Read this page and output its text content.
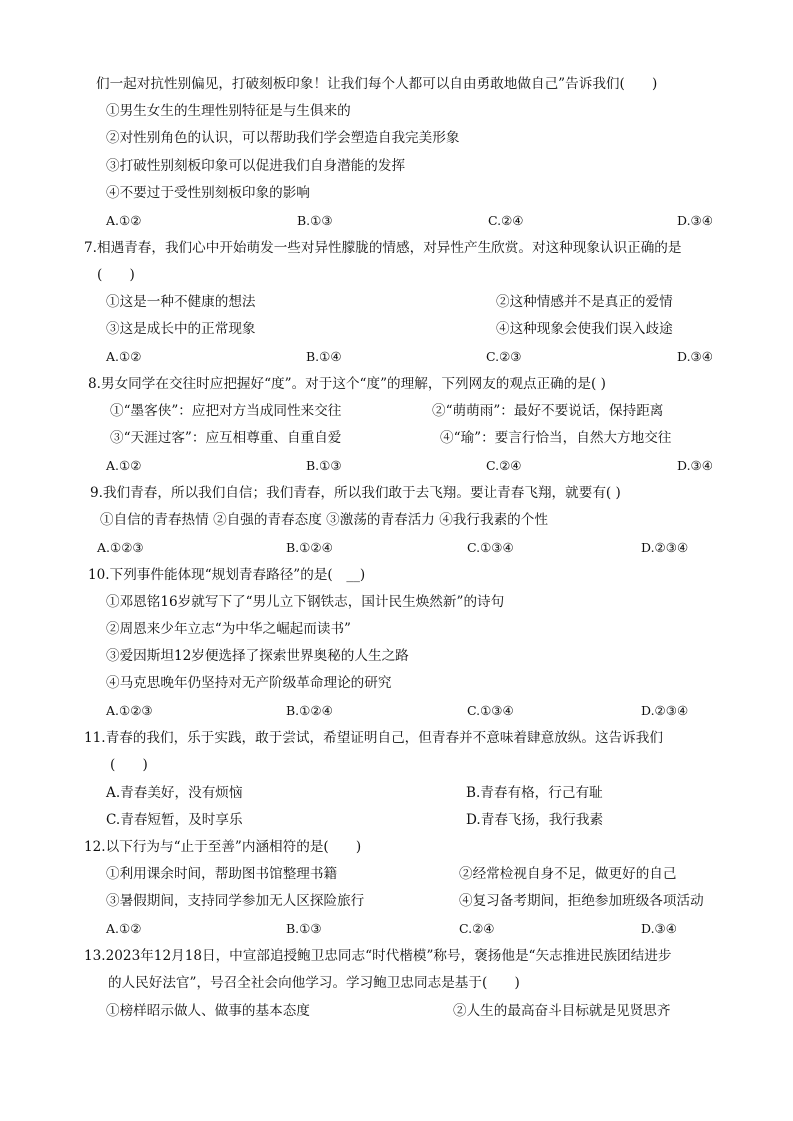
们一起对抗性别偏见，打破刻板印象！让我们每个人都可以自由勇敢地做自己”告诉我们(　　)
①男生女生的生理性别特征是与生俱来的
②对性别角色的认识，可以帮助我们学会塑造自我完美形象
③打破性别刻板印象可以促进我们自身潜能的发挥
④不要过于受性别刻板印象的影响
A.①②	B.①③	C.②④	D.③④
7.相遇青春，我们心中开始萌发一些对异性朦胧的情感，对异性产生欣赏。对这种现象认识正确的是
(　　)
①这是一种不健康的想法	②这种情感并不是真正的爱情
③这是成长中的正常现象	④这种现象会使我们误入歧途
A.①②	B.①④	C.②③	D.③④
8.男女同学在交往时应把握好“度”。对于这个“度”的理解，下列网友的观点正确的是( )
①“墨客侠”：应把对方当成同性来交往	②“萌萌雨”：最好不要说话，保持距离
③“天涯过客”：应互相尊重、自重自爱	④“瑜”：要言行恰当，自然大方地交往
A.①②	B.①③	C.②④	D.③④
9.我们青春，所以我们自信；我们青春，所以我们敢于去飞翔。要让青春飞翔，就要有( )
①自信的青春热情 ②自强的青春态度 ③激荡的青春活力 ④我行我素的个性
A.①②③	B.①②④	C.①③④	D.②③④
10.下列事件能体现“规划青春路径”的是(　__)
①邓恩铭16岁就写下了“男儿立下钢铁志，国计民生焕然新”的诗句
②周恩来少年立志“为中华之崛起而读书”
③爱因斯坦12岁便选择了探索世界奥秘的人生之路
④马克思晚年仍坚持对无产阶级革命理论的研究
A.①②③	B.①②④	C.①③④	D.②③④
11.青春的我们，乐于实践，敢于尝试，希望证明自己，但青春并不意味着肆意放纵。这告诉我们
(　　)
A.青春美好，没有烦恼	B.青春有格，行己有耻
C.青春短暂，及时享乐	D.青春飞扬，我行我素
12.以下行为与“止于至善”内涵相符的是(　　)
①利用课余时间，帮助图书馆整理书籍	②经常检视自身不足，做更好的自己
③暑假期间，支持同学参加无人区探险旅行	④复习备考期间，拒绝参加班级各项活动
A.①②	B.①③	C.②④	D.③④
13.2023年12月18日，中宣部追授鲍卫忠同志“时代楷模”称号，褒扬他是“矢志推进民族团结进步
的人民好法官”，号召全社会向他学习。学习鲍卫忠同志是基于(　　)
①榜样昭示做人、做事的基本态度	②人生的最高奋斗目标就是见贤思齐
